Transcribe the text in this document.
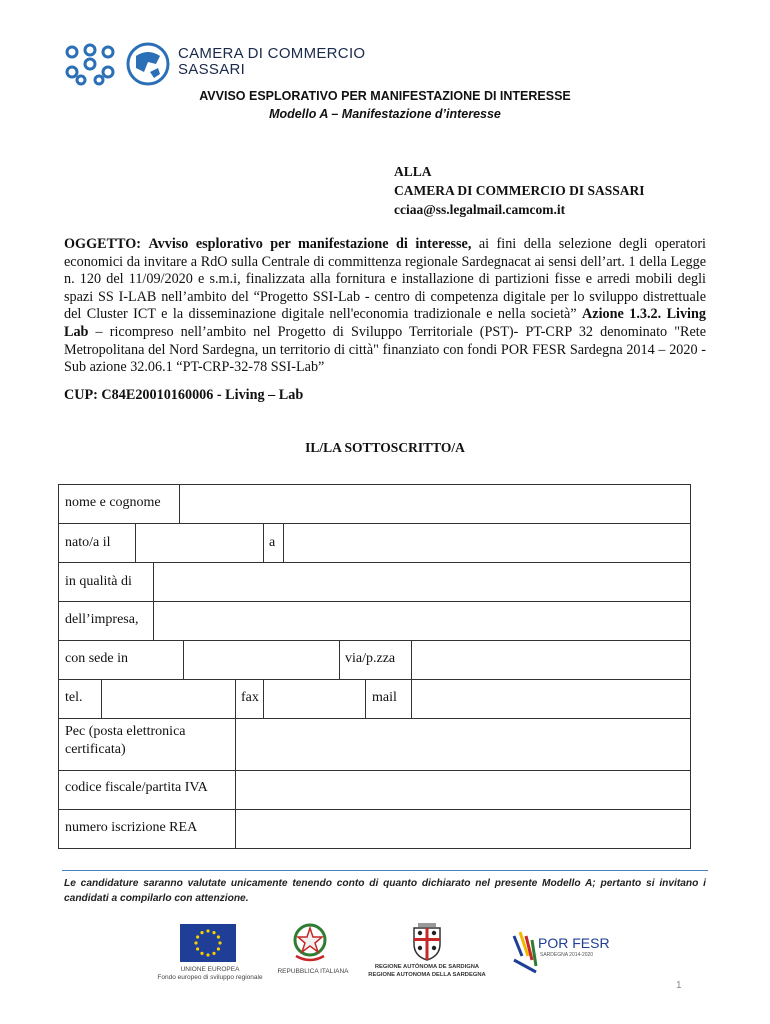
CAMERA DI COMMERCIO
SASSARI
AVVISO ESPLORATIVO PER MANIFESTAZIONE DI INTERESSE
Modello A – Manifestazione d’interesse
ALLA
CAMERA DI COMMERCIO DI SASSARI
cciaa@ss.legalmail.camcom.it
OGGETTO: Avviso esplorativo per manifestazione di interesse, ai fini della selezione degli operatori economici da invitare a RdO sulla Centrale di committenza regionale Sardegnacat ai sensi dell’art. 1 della Legge n. 120 del 11/09/2020 e s.m.i, finalizzata alla fornitura e installazione di partizioni fisse e arredi mobili degli spazi SS I-LAB nell’ambito del “Progetto SSI-Lab - centro di competenza digitale per lo sviluppo distrettuale del Cluster ICT e la disseminazione digitale nell'economia tradizionale e nella società” Azione 1.3.2. Living Lab – ricompreso nell’ambito nel Progetto di Sviluppo Territoriale (PST)- PT-CRP 32 denominato "Rete Metropolitana del Nord Sardegna, un territorio di città" finanziato con fondi POR FESR Sardegna 2014 – 2020 - Sub azione 32.06.1 “PT-CRP-32-78 SSI-Lab”
CUP: C84E20010160006 - Living – Lab
IL/LA SOTTOSCRITTO/A
nome e cognome
nato/a il	a
in qualità di
dell’impresa,
con sede in	via/p.zza
tel.	fax	mail
Pec (posta elettronica
certificata)
codice fiscale/partita IVA
numero iscrizione REA
Le candidature saranno valutate unicamente tenendo conto di quanto dichiarato nel presente Modello A; pertanto si invitano i candidati a compilarlo con attenzione.
UNIONE EUROPEA
Fondo europeo di sviluppo regionale
REPUBBLICA ITALIANA
REGIONE AUTÒNOMA DE SARDIGNA
REGIONE AUTONOMA DELLA SARDEGNA
POR FESR
SARDEGNA 2014-2020
1
